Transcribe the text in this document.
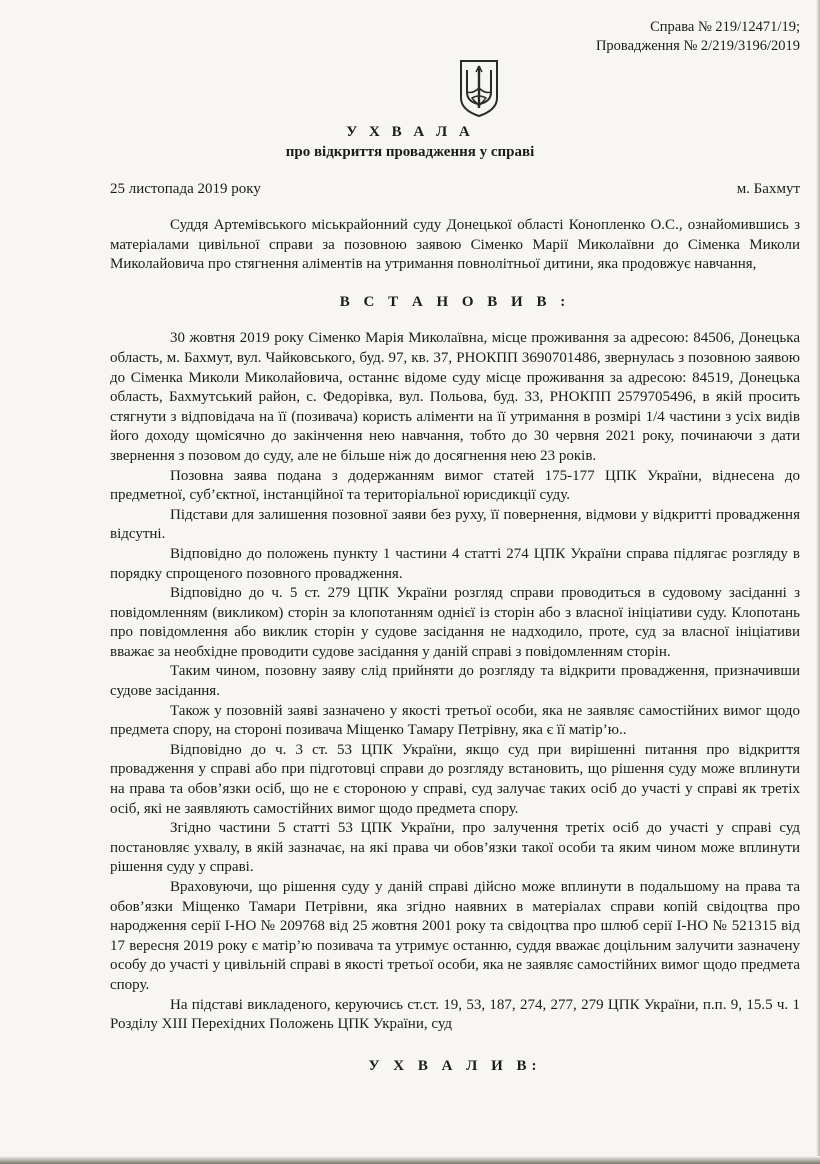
Справа № 219/12471/19;
Провадження № 2/219/3196/2019
У Х В А Л А
про відкриття провадження у справі
25 листопада 2019 року	м. Бахмут

Суддя Артемівського міськрайонний суду Донецької області Конопленко О.С., ознайомившись з матеріалами цивільної справи за позовною заявою Сіменко Марії Миколаївни до Сіменка Миколи Миколайовича про стягнення аліментів на утримання повнолітньої дитини, яка продовжує навчання,

В С Т А Н О В И В :

30 жовтня 2019 року Сіменко Марія Миколаївна, місце проживання за адресою: 84506, Донецька область, м. Бахмут, вул. Чайковського, буд. 97, кв. 37, РНОКПП 3690701486, звернулась з позовною заявою до Сіменка Миколи Миколайовича, останнє відоме суду місце проживання за адресою: 84519, Донецька область, Бахмутський район, с. Федорівка, вул. Польова, буд. 33, РНОКПП 2579705496, в якій просить стягнути з відповідача на її (позивача) користь аліменти на її утримання в розмірі 1/4 частини з усіх видів його доходу щомісячно до закінчення нею навчання, тобто до 30 червня 2021 року, починаючи з дати звернення з позовом до суду, але не більше ніж до досягнення нею 23 років.

Позовна заява подана з додержанням вимог статей 175-177 ЦПК України, віднесена до предметної, суб’єктної, інстанційної та територіальної юрисдикції суду.

Підстави для залишення позовної заяви без руху, її повернення, відмови у відкритті провадження відсутні.

Відповідно до положень пункту 1 частини 4 статті 274 ЦПК України справа підлягає розгляду в порядку спрощеного позовного провадження.

Відповідно до ч. 5 ст. 279 ЦПК України розгляд справи проводиться в судовому засіданні з повідомленням (викликом) сторін за клопотанням однієї із сторін або з власної ініціативи суду. Клопотань про повідомлення або виклик сторін у судове засідання не надходило, проте, суд за власної ініціативи вважає за необхідне проводити судове засідання у даній справі з повідомленням сторін.

Таким чином, позовну заяву слід прийняти до розгляду та відкрити провадження, призначивши судове засідання.

Також у позовній заяві зазначено у якості третьої особи, яка не заявляє самостійних вимог щодо предмета спору, на стороні позивача Міщенко Тамару Петрівну, яка є її матір’ю..

Відповідно до ч. 3 ст. 53 ЦПК України, якщо суд при вирішенні питання про відкриття провадження у справі або при підготовці справи до розгляду встановить, що рішення суду може вплинути на права та обов’язки осіб, що не є стороною у справі, суд залучає таких осіб до участі у справі як третіх осіб, які не заявляють самостійних вимог щодо предмета спору.

Згідно частини 5 статті 53 ЦПК України, про залучення третіх осіб до участі у справі суд постановляє ухвалу, в якій зазначає, на які права чи обов’язки такої особи та яким чином може вплинути рішення суду у справі.

Враховуючи, що рішення суду у даній справі дійсно може вплинути в подальшому на права та обов’язки Міщенко Тамари Петрівни, яка згідно наявних в матеріалах справи копій свідоцтва про народження серії І-НО № 209768 від 25 жовтня 2001 року та свідоцтва про шлюб серії І-НО № 521315 від 17 вересня 2019 року є матір’ю позивача та утримує останню, суддя вважає доцільним залучити зазначену особу до участі у цивільній справі в якості третьої особи, яка не заявляє самостійних вимог щодо предмета спору.

На підставі викладеного, керуючись ст.ст. 19, 53, 187, 274, 277, 279 ЦПК України, п.п. 9, 15.5 ч. 1 Розділу XIII Перехідних Положень ЦПК України, суд

У Х В А Л И В:
